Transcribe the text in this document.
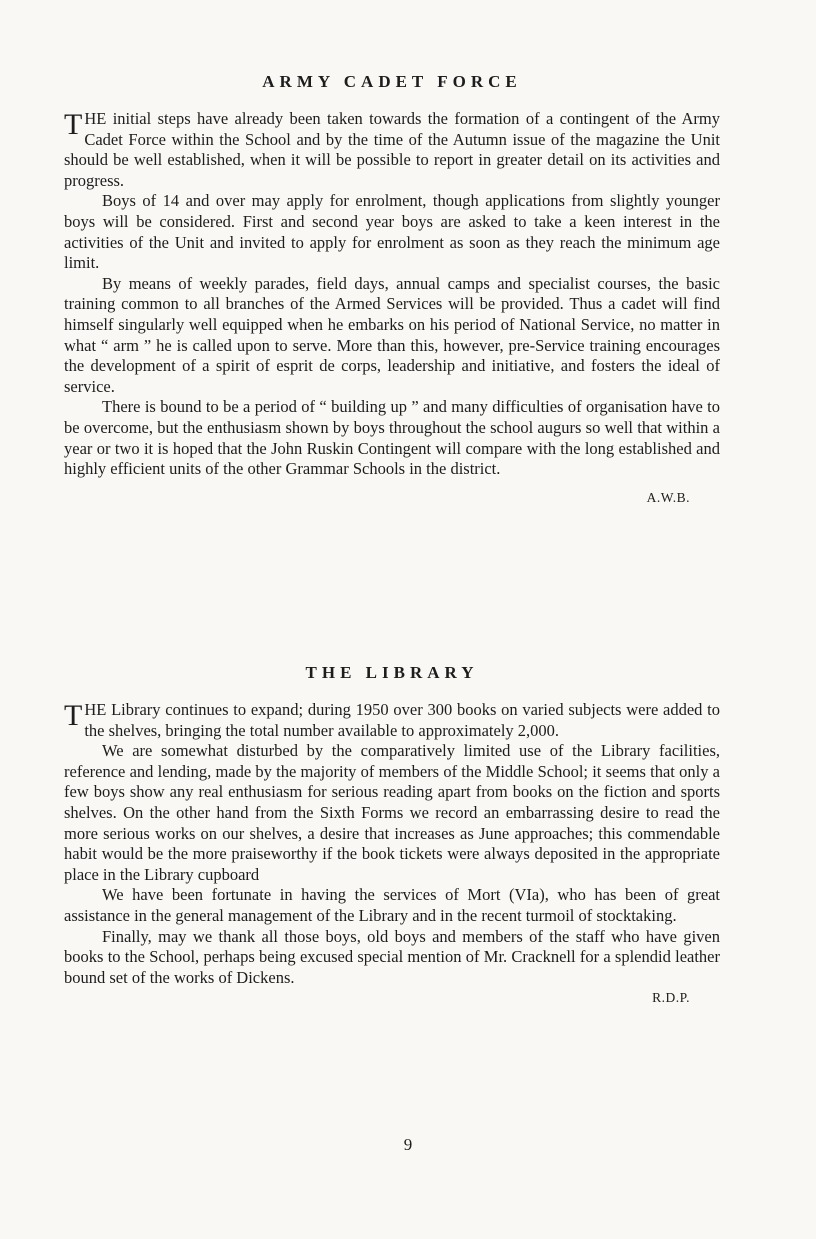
ARMY CADET FORCE

THE initial steps have already been taken towards the formation of a contingent of the Army Cadet Force within the School and by the time of the Autumn issue of the magazine the Unit should be well established, when it will be possible to report in greater detail on its activities and progress.

Boys of 14 and over may apply for enrolment, though applications from slightly younger boys will be considered. First and second year boys are asked to take a keen interest in the activities of the Unit and invited to apply for enrolment as soon as they reach the minimum age limit.

By means of weekly parades, field days, annual camps and specialist courses, the basic training common to all branches of the Armed Services will be provided. Thus a cadet will find himself singularly well equipped when he embarks on his period of National Service, no matter in what “ arm ” he is called upon to serve. More than this, however, pre-Service training encourages the development of a spirit of esprit de corps, leadership and initiative, and fosters the ideal of service.

There is bound to be a period of “ building up ” and many difficulties of organisation have to be overcome, but the enthusiasm shown by boys throughout the school augurs so well that within a year or two it is hoped that the John Ruskin Contingent will compare with the long established and highly efficient units of the other Grammar Schools in the district.

A.W.B.

THE LIBRARY

THE Library continues to expand; during 1950 over 300 books on varied subjects were added to the shelves, bringing the total number available to approximately 2,000.

We are somewhat disturbed by the comparatively limited use of the Library facilities, reference and lending, made by the majority of members of the Middle School; it seems that only a few boys show any real enthusiasm for serious reading apart from books on the fiction and sports shelves. On the other hand from the Sixth Forms we record an embarrassing desire to read the more serious works on our shelves, a desire that increases as June approaches; this commendable habit would be the more praiseworthy if the book tickets were always deposited in the appropriate place in the Library cupboard

We have been fortunate in having the services of Mort (VIa), who has been of great assistance in the general management of the Library and in the recent turmoil of stocktaking.

Finally, may we thank all those boys, old boys and members of the staff who have given books to the School, perhaps being excused special mention of Mr. Cracknell for a splendid leather bound set of the works of Dickens.

R.D.P.

9
